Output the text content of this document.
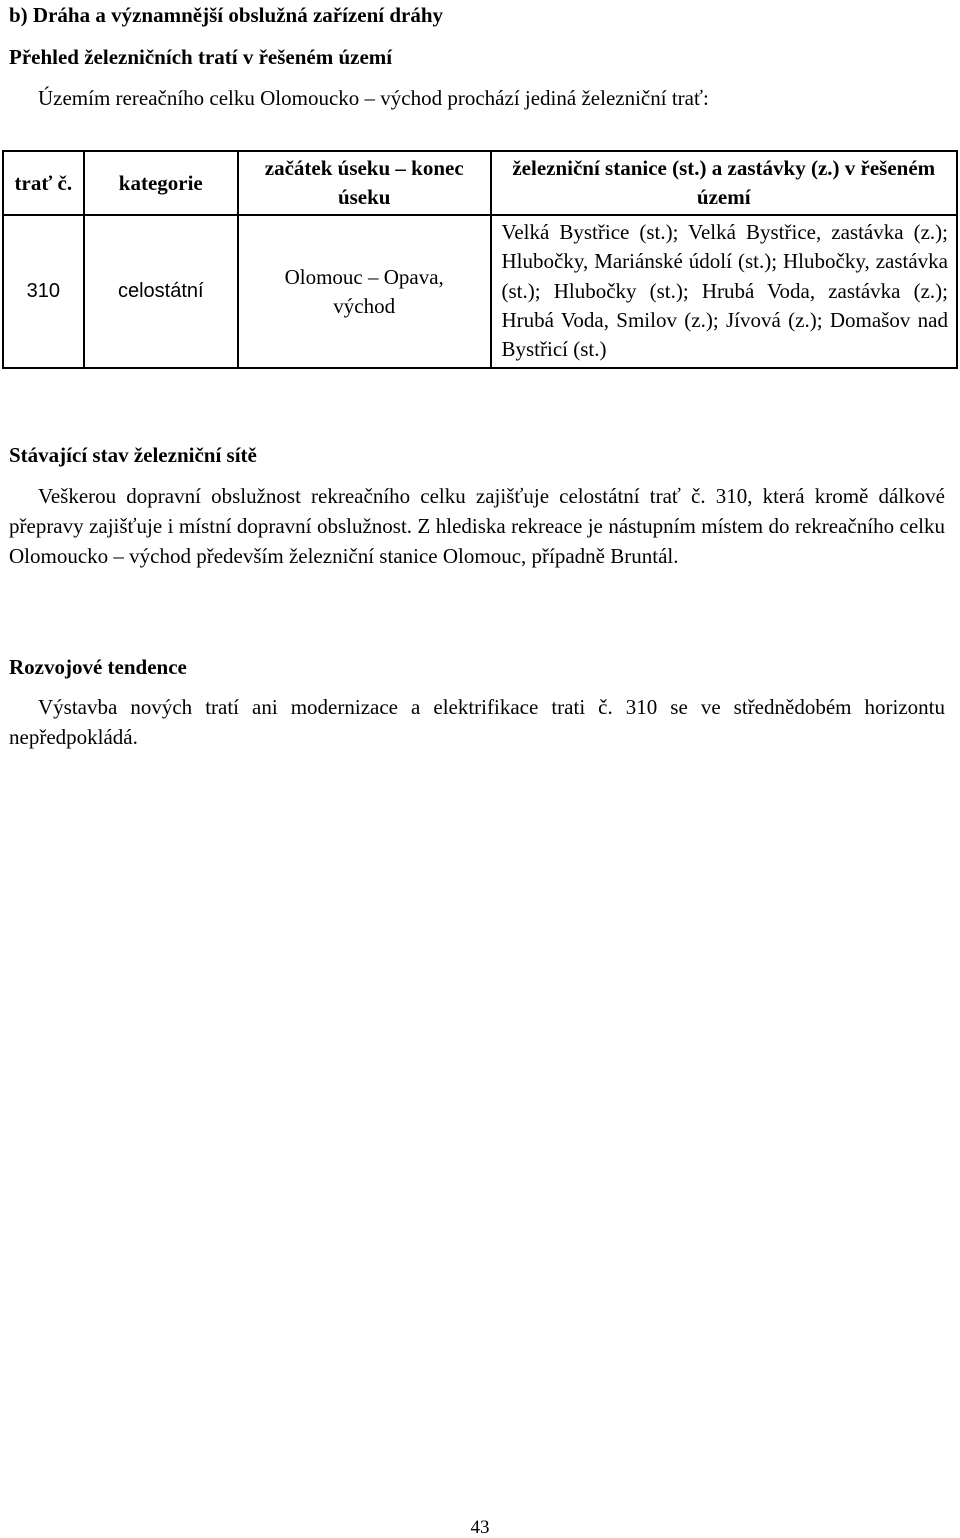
b) Dráha a významnější obslužná zařízení dráhy

Přehled železničních tratí v řešeném území

Územím rereačního celku Olomoucko – východ prochází jediná železniční trať:

trať č.	kategorie	začátek úseku – konec úseku	železniční stanice (st.) a zastávky (z.) v řešeném území
310	celostátní	Olomouc – Opava, východ	Velká Bystřice (st.); Velká Bystřice, zastávka (z.); Hlubočky, Mariánské údolí (st.); Hlubočky, zastávka (st.); Hlubočky (st.); Hrubá Voda, zastávka (z.); Hrubá Voda, Smilov (z.); Jívová (z.); Domašov nad Bystřicí (st.)

Stávající stav železniční sítě

Veškerou dopravní obslužnost rekreačního celku zajišťuje celostátní trať č. 310, která kromě dálkové přepravy zajišťuje i místní dopravní obslužnost. Z hlediska rekreace je nástupním místem do rekreačního celku Olomoucko – východ především železniční stanice Olomouc, případně Bruntál.

Rozvojové tendence

Výstavba nových tratí ani modernizace a elektrifikace trati č. 310 se ve střednědobém horizontu nepředpokládá.

43
